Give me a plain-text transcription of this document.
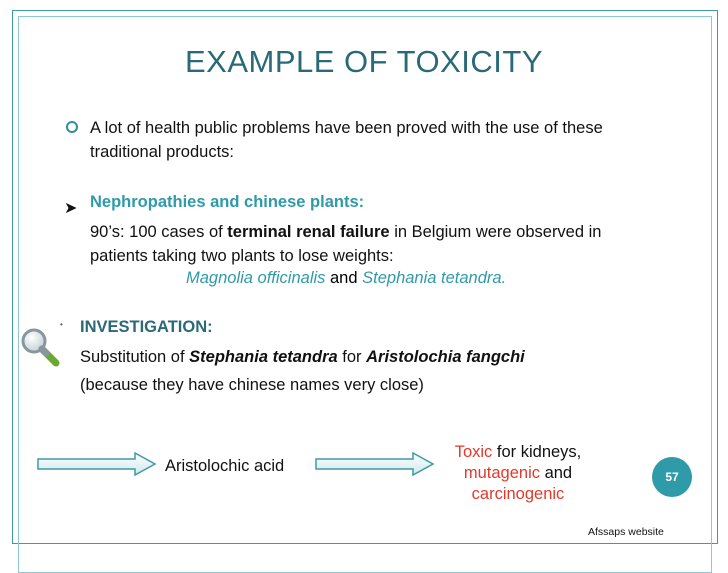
EXAMPLE OF TOXICITY
A lot of health public problems have been proved with the use of these traditional products:
➤ Nephropathies and chinese plants:
90’s: 100 cases of terminal renal failure in Belgium were observed in patients taking two plants to lose weights:
Magnolia officinalis and Stephania tetandra.
• INVESTIGATION:
Substitution of Stephania tetandra for Aristolochia fangchi
(because they have chinese names very close)
Aristolochic acid
Toxic for kidneys,
mutagenic and
carcinogenic
57
Afssaps website
